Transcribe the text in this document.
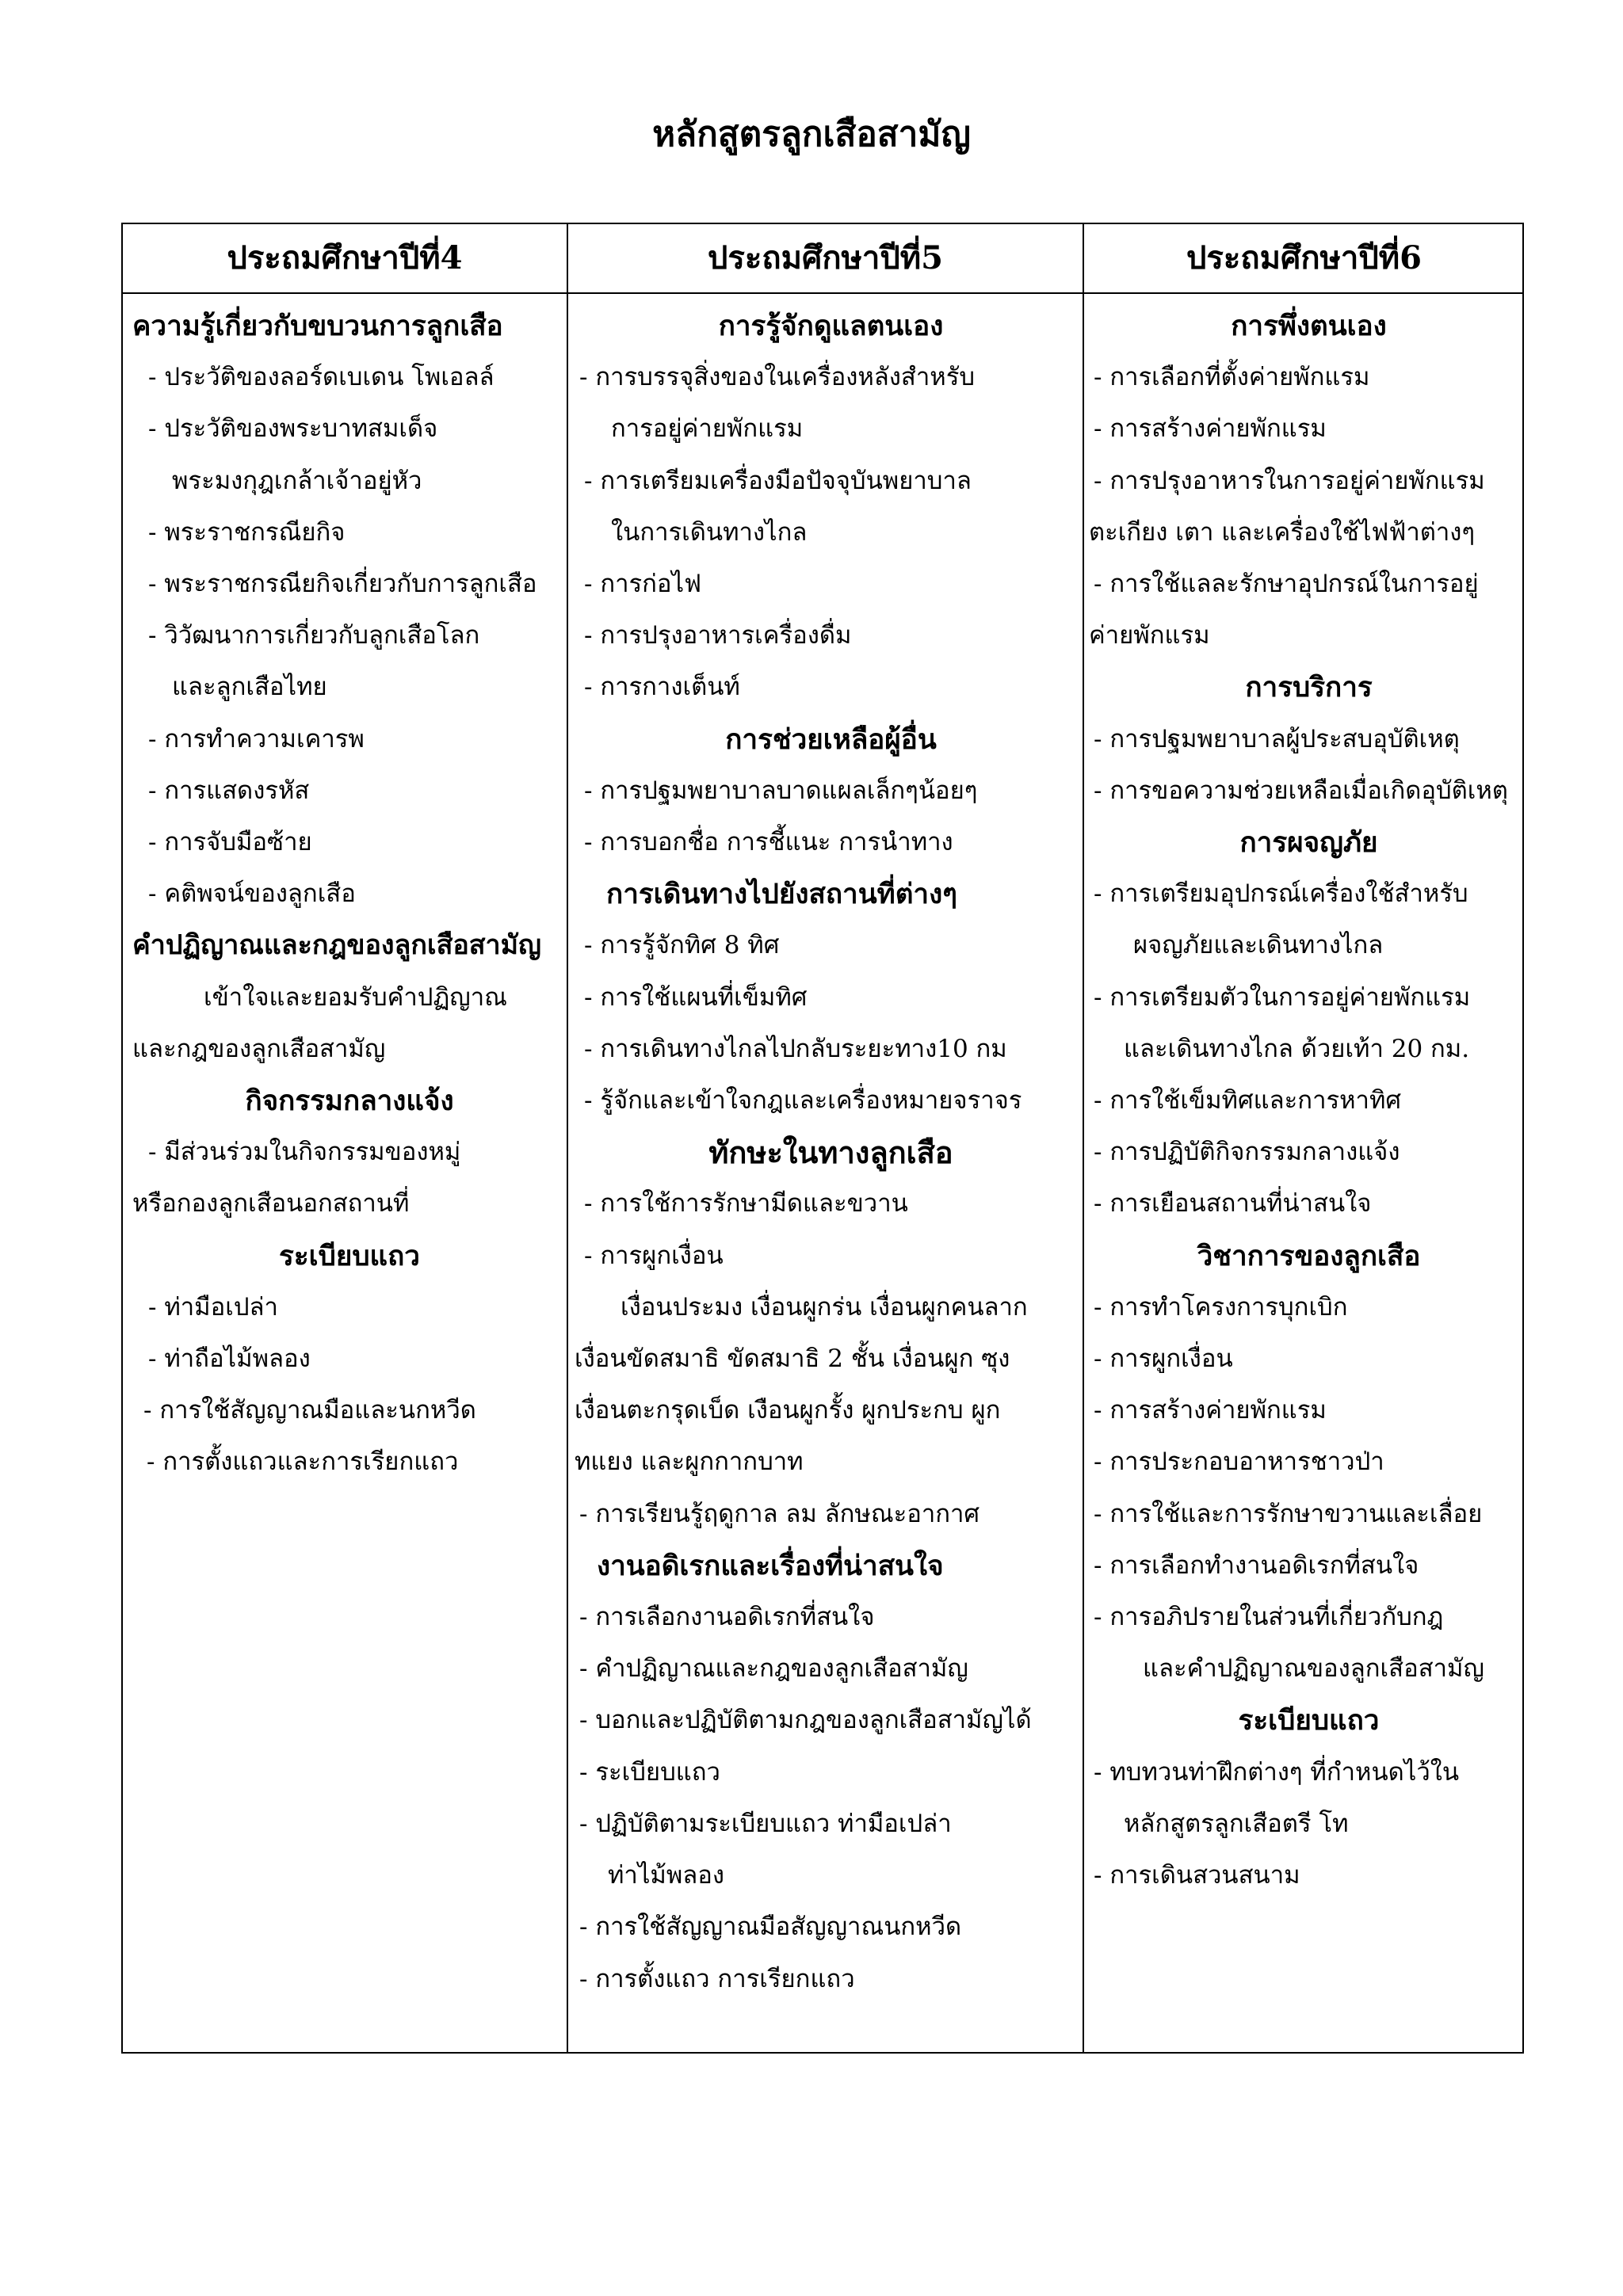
หลักสูตรลูกเสือสามัญ
ประถมศึกษาปีที่4	ประถมศึกษาปีที่5	ประถมศึกษาปีที่6
ความรู้เกี่ยวกับขบวนการลูกเสือ
- ประวัติของลอร์ดเบเดน โพเอลล์
- ประวัติของพระบาทสมเด็จ
พระมงกุฎเกล้าเจ้าอยู่หัว
- พระราชกรณียกิจ
- พระราชกรณียกิจเกี่ยวกับการลูกเสือ
- วิวัฒนาการเกี่ยวกับลูกเสือโลก
และลูกเสือไทย
- การทำความเคารพ
- การแสดงรหัส
- การจับมือซ้าย
- คติพจน์ของลูกเสือ
คำปฏิญาณและกฎของลูกเสือสามัญ
เข้าใจและยอมรับคำปฏิญาณ
และกฎของลูกเสือสามัญ
กิจกรรมกลางแจ้ง
- มีส่วนร่วมในกิจกรรมของหมู่
หรือกองลูกเสือนอกสถานที่
ระเบียบแถว
- ท่ามือเปล่า
- ท่าถือไม้พลอง
- การใช้สัญญาณมือและนกหวีด
- การตั้งแถวและการเรียกแถว
การรู้จักดูแลตนเอง
- การบรรจุสิ่งของในเครื่องหลังสำหรับ
การอยู่ค่ายพักแรม
- การเตรียมเครื่องมือปัจจุบันพยาบาล
ในการเดินทางไกล
- การก่อไฟ
- การปรุงอาหารเครื่องดื่ม
- การกางเต็นท์
การช่วยเหลือผู้อื่น
- การปฐมพยาบาลบาดแผลเล็กๆน้อยๆ
- การบอกชื่อ การชี้แนะ การนำทาง
การเดินทางไปยังสถานที่ต่างๆ
- การรู้จักทิศ 8 ทิศ
- การใช้แผนที่เข็มทิศ
- การเดินทางไกลไปกลับระยะทาง10 กม
- รู้จักและเข้าใจกฎและเครื่องหมายจราจร
ทักษะในทางลูกเสือ
- การใช้การรักษามีดและขวาน
- การผูกเงื่อน
เงื่อนประมง เงื่อนผูกร่น เงื่อนผูกคนลาก
เงื่อนขัดสมาธิ ขัดสมาธิ 2 ชั้น เงื่อนผูก ซุง
เงื่อนตะกรุดเบ็ด เงือนผูกรั้ง ผูกประกบ ผูก
ทแยง และผูกกากบาท
- การเรียนรู้ฤดูกาล ลม ลักษณะอากาศ
งานอดิเรกและเรื่องที่น่าสนใจ
- การเลือกงานอดิเรกที่สนใจ
- คำปฏิญาณและกฎของลูกเสือสามัญ
- บอกและปฏิบัติตามกฎของลูกเสือสามัญได้
- ระเบียบแถว
- ปฏิบัติตามระเบียบแถว ท่ามือเปล่า
ท่าไม้พลอง
- การใช้สัญญาณมือสัญญาณนกหวีด
- การตั้งแถว การเรียกแถว
การพึ่งตนเอง
- การเลือกที่ตั้งค่ายพักแรม
- การสร้างค่ายพักแรม
- การปรุงอาหารในการอยู่ค่ายพักแรม
ตะเกียง เตา และเครื่องใช้ไฟฟ้าต่างๆ
- การใช้แลละรักษาอุปกรณ์ในการอยู่
ค่ายพักแรม
การบริการ
- การปฐมพยาบาลผู้ประสบอุบัติเหตุ
- การขอความช่วยเหลือเมื่อเกิดอุบัติเหตุ
การผจญภัย
- การเตรียมอุปกรณ์เครื่องใช้สำหรับ
ผจญภัยและเดินทางไกล
- การเตรียมตัวในการอยู่ค่ายพักแรม
และเดินทางไกล ด้วยเท้า 20 กม.
- การใช้เข็มทิศและการหาทิศ
- การปฏิบัติกิจกรรมกลางแจ้ง
- การเยือนสถานที่น่าสนใจ
วิชาการของลูกเสือ
- การทำโครงการบุกเบิก
- การผูกเงื่อน
- การสร้างค่ายพักแรม
- การประกอบอาหารชาวป่า
- การใช้และการรักษาขวานและเลื่อย
- การเลือกทำงานอดิเรกที่สนใจ
- การอภิปรายในส่วนที่เกี่ยวกับกฎ
และคำปฏิญาณของลูกเสือสามัญ
ระเบียบแถว
- ทบทวนท่าฝึกต่างๆ ที่กำหนดไว้ใน
หลักสูตรลูกเสือตรี โท
- การเดินสวนสนาม
